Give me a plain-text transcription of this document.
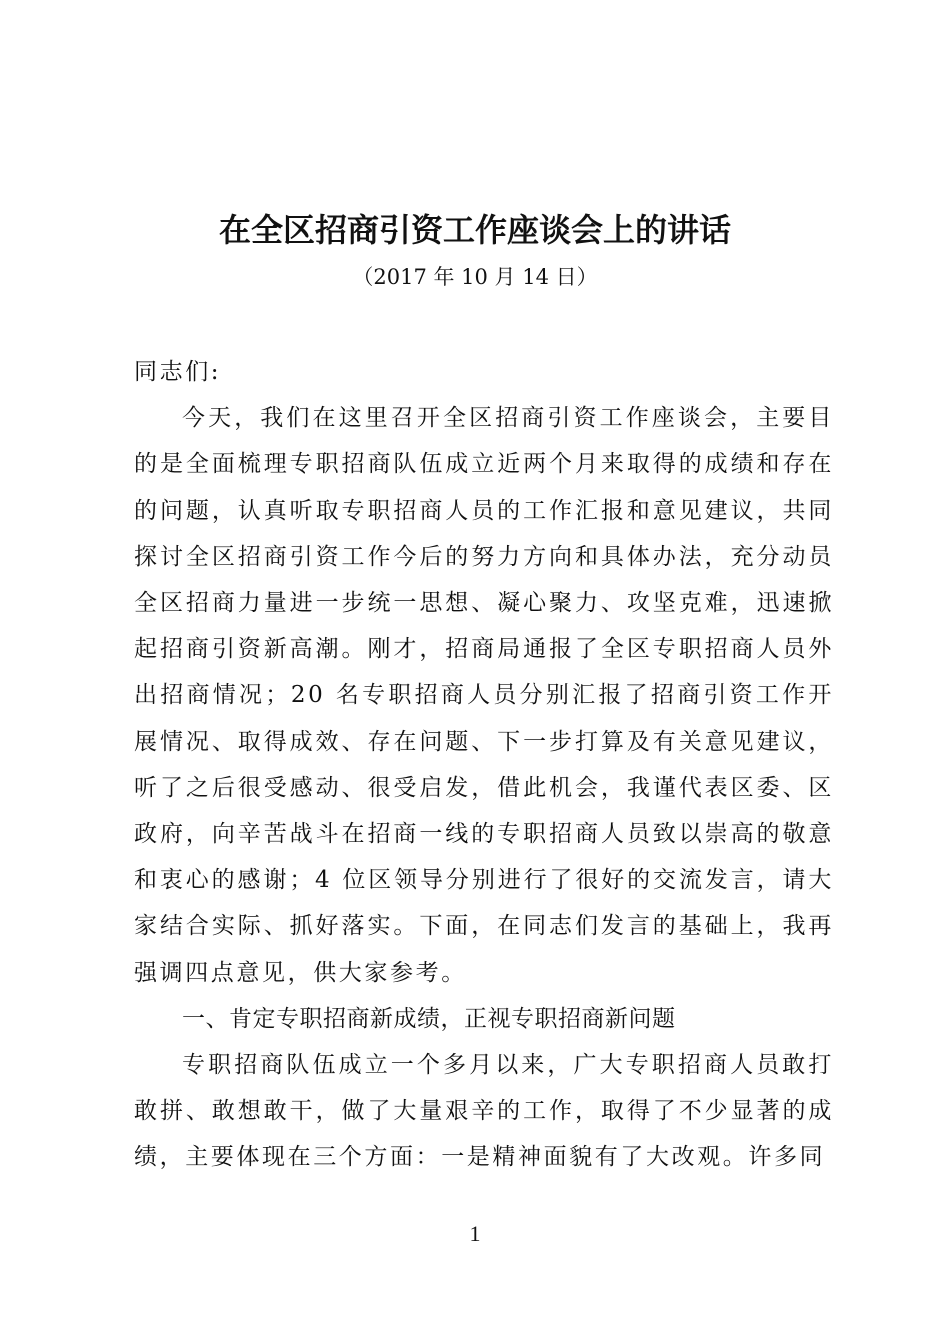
在全区招商引资工作座谈会上的讲话
（2017 年 10 月 14 日）

同志们:

今天，我们在这里召开全区招商引资工作座谈会，主要目的是全面梳理专职招商队伍成立近两个月来取得的成绩和存在的问题，认真听取专职招商人员的工作汇报和意见建议，共同探讨全区招商引资工作今后的努力方向和具体办法，充分动员全区招商力量进一步统一思想、凝心聚力、攻坚克难，迅速掀起招商引资新高潮。刚才，招商局通报了全区专职招商人员外出招商情况；20 名专职招商人员分别汇报了招商引资工作开展情况、取得成效、存在问题、下一步打算及有关意见建议，听了之后很受感动、很受启发，借此机会，我谨代表区委、区政府，向辛苦战斗在招商一线的专职招商人员致以崇高的敬意和衷心的感谢；4 位区领导分别进行了很好的交流发言，请大家结合实际、抓好落实。下面，在同志们发言的基础上，我再强调四点意见，供大家参考。

一、肯定专职招商新成绩，正视专职招商新问题

专职招商队伍成立一个多月以来，广大专职招商人员敢打敢拼、敢想敢干，做了大量艰辛的工作，取得了不少显著的成绩，主要体现在三个方面：一是精神面貌有了大改观。许多同

1
